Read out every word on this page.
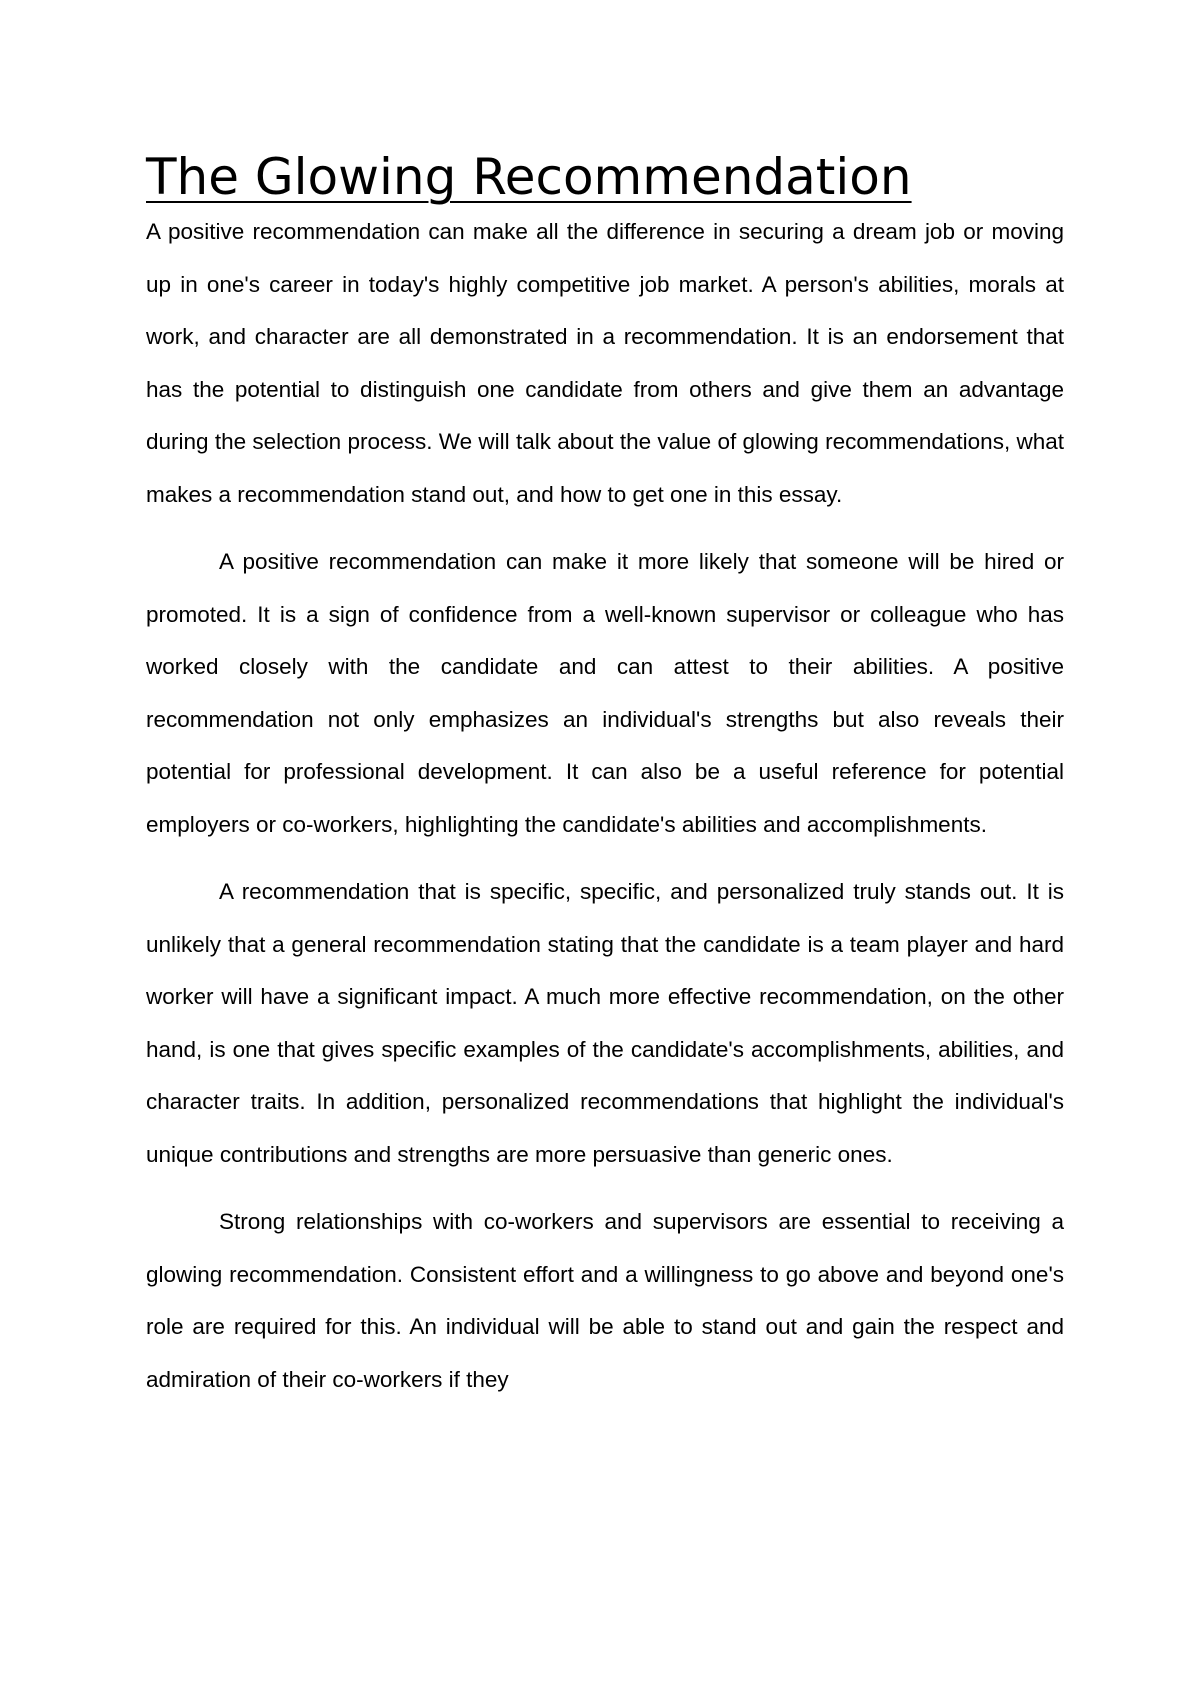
The Glowing Recommendation

A positive recommendation can make all the difference in securing a dream job or moving up in one's career in today's highly competitive job market. A person's abilities, morals at work, and character are all demonstrated in a recommendation. It is an endorsement that has the potential to distinguish one candidate from others and give them an advantage during the selection process. We will talk about the value of glowing recommendations, what makes a recommendation stand out, and how to get one in this essay.

A positive recommendation can make it more likely that someone will be hired or promoted. It is a sign of confidence from a well-known supervisor or colleague who has worked closely with the candidate and can attest to their abilities. A positive recommendation not only emphasizes an individual's strengths but also reveals their potential for professional development. It can also be a useful reference for potential employers or co-workers, highlighting the candidate's abilities and accomplishments.

A recommendation that is specific, specific, and personalized truly stands out. It is unlikely that a general recommendation stating that the candidate is a team player and hard worker will have a significant impact. A much more effective recommendation, on the other hand, is one that gives specific examples of the candidate's accomplishments, abilities, and character traits. In addition, personalized recommendations that highlight the individual's unique contributions and strengths are more persuasive than generic ones.

Strong relationships with co-workers and supervisors are essential to receiving a glowing recommendation. Consistent effort and a willingness to go above and beyond one's role are required for this. An individual will be able to stand out and gain the respect and admiration of their co-workers if they
